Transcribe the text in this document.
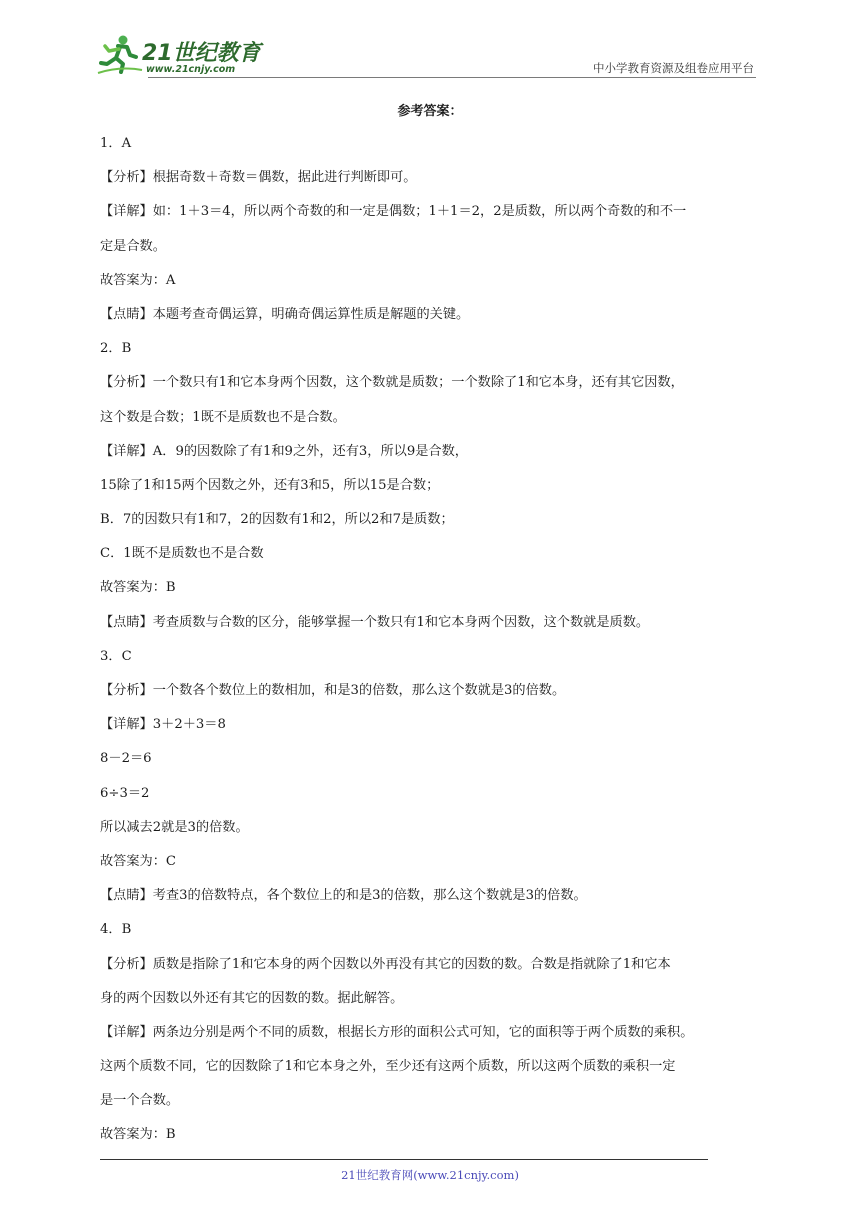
21世纪教育
www.21cnjy.com	中小学教育资源及组卷应用平台
参考答案：
1．A
【分析】根据奇数＋奇数＝偶数，据此进行判断即可。
【详解】如：1＋3＝4，所以两个奇数的和一定是偶数；1＋1＝2，2是质数，所以两个奇数的和不一
定是合数。
故答案为：A
【点睛】本题考查奇偶运算，明确奇偶运算性质是解题的关键。
2．B
【分析】一个数只有1和它本身两个因数，这个数就是质数；一个数除了1和它本身，还有其它因数，
这个数是合数；1既不是质数也不是合数。
【详解】A．9的因数除了有1和9之外，还有3，所以9是合数，
15除了1和15两个因数之外，还有3和5，所以15是合数；
B．7的因数只有1和7，2的因数有1和2，所以2和7是质数；
C．1既不是质数也不是合数
故答案为：B
【点睛】考查质数与合数的区分，能够掌握一个数只有1和它本身两个因数，这个数就是质数。
3．C
【分析】一个数各个数位上的数相加，和是3的倍数，那么这个数就是3的倍数。
【详解】3＋2＋3＝8
8－2＝6
6÷3＝2
所以减去2就是3的倍数。
故答案为：C
【点睛】考查3的倍数特点，各个数位上的和是3的倍数，那么这个数就是3的倍数。
4．B
【分析】质数是指除了1和它本身的两个因数以外再没有其它的因数的数。合数是指就除了1和它本
身的两个因数以外还有其它的因数的数。据此解答。
【详解】两条边分别是两个不同的质数，根据长方形的面积公式可知，它的面积等于两个质数的乘积。
这两个质数不同，它的因数除了1和它本身之外，至少还有这两个质数，所以这两个质数的乘积一定
是一个合数。
故答案为：B
21世纪教育网(www.21cnjy.com)
